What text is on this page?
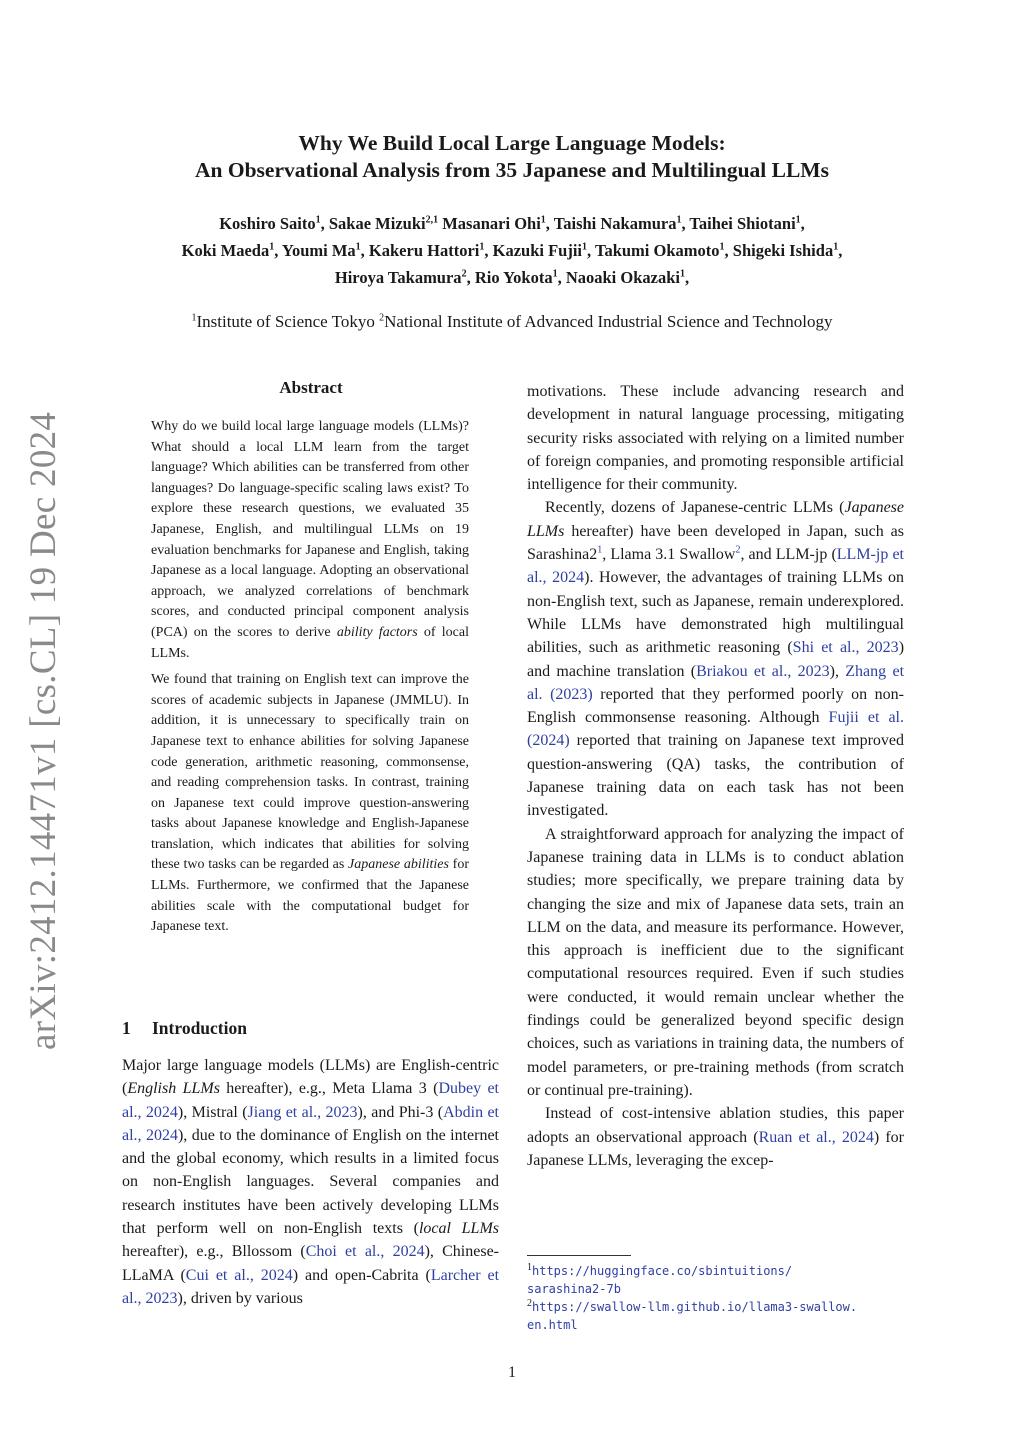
arXiv:2412.14471v1 [cs.CL] 19 Dec 2024
Why We Build Local Large Language Models:
An Observational Analysis from 35 Japanese and Multilingual LLMs
Koshiro Saito$^1$, Sakae Mizuki$^{2,1}$ Masanari Ohi$^1$, Taishi Nakamura$^1$, Taihei Shiotani$^1$,
Koki Maeda$^1$, Youmi Ma$^1$, Kakeru Hattori$^1$, Kazuki Fujii$^1$, Takumi Okamoto$^1$, Shigeki Ishida$^1$,
Hiroya Takamura$^2$, Rio Yokota$^1$, Naoaki Okazaki$^1$,
$^1$Institute of Science Tokyo $^2$National Institute of Advanced Industrial Science and Technology
Abstract

Why do we build local large language models (LLMs)? What should a local LLM learn from the target language? Which abilities can be transferred from other languages? Do language-specific scaling laws exist? To explore these research questions, we evaluated 35 Japanese, English, and multilingual LLMs on 19 evaluation benchmarks for Japanese and English, taking Japanese as a local language. Adopting an observational approach, we analyzed correlations of benchmark scores, and conducted principal component analysis (PCA) on the scores to derive ability factors of local LLMs.

We found that training on English text can improve the scores of academic subjects in Japanese (JMMLU). In addition, it is unnecessary to specifically train on Japanese text to enhance abilities for solving Japanese code generation, arithmetic reasoning, commonsense, and reading comprehension tasks. In contrast, training on Japanese text could improve question-answering tasks about Japanese knowledge and English-Japanese translation, which indicates that abilities for solving these two tasks can be regarded as Japanese abilities for LLMs. Furthermore, we confirmed that the Japanese abilities scale with the computational budget for Japanese text.

1 Introduction

Major large language models (LLMs) are English-centric (English LLMs hereafter), e.g., Meta Llama 3 (Dubey et al., 2024), Mistral (Jiang et al., 2023), and Phi-3 (Abdin et al., 2024), due to the dominance of English on the internet and the global economy, which results in a limited focus on non-English languages. Several companies and research institutes have been actively developing LLMs that perform well on non-English texts (local LLMs hereafter), e.g., Bllossom (Choi et al., 2024), Chinese-LLaMA (Cui et al., 2024) and open-Cabrita (Larcher et al., 2023), driven by various

motivations. These include advancing research and development in natural language processing, mitigating security risks associated with relying on a limited number of foreign companies, and promoting responsible artificial intelligence for their community.

Recently, dozens of Japanese-centric LLMs (Japanese LLMs hereafter) have been developed in Japan, such as Sarashina2$^1$, Llama 3.1 Swallow$^2$, and LLM-jp (LLM-jp et al., 2024). However, the advantages of training LLMs on non-English text, such as Japanese, remain underexplored. While LLMs have demonstrated high multilingual abilities, such as arithmetic reasoning (Shi et al., 2023) and machine translation (Briakou et al., 2023), Zhang et al. (2023) reported that they performed poorly on non-English commonsense reasoning. Although Fujii et al. (2024) reported that training on Japanese text improved question-answering (QA) tasks, the contribution of Japanese training data on each task has not been investigated.

A straightforward approach for analyzing the impact of Japanese training data in LLMs is to conduct ablation studies; more specifically, we prepare training data by changing the size and mix of Japanese data sets, train an LLM on the data, and measure its performance. However, this approach is inefficient due to the significant computational resources required. Even if such studies were conducted, it would remain unclear whether the findings could be generalized beyond specific design choices, such as variations in training data, the numbers of model parameters, or pre-training methods (from scratch or continual pre-training).

Instead of cost-intensive ablation studies, this paper adopts an observational approach (Ruan et al., 2024) for Japanese LLMs, leveraging the excep-

$^1$https://huggingface.co/sbintuitions/
sarashina2-7b
$^2$https://swallow-llm.github.io/llama3-swallow.
en.html
1
